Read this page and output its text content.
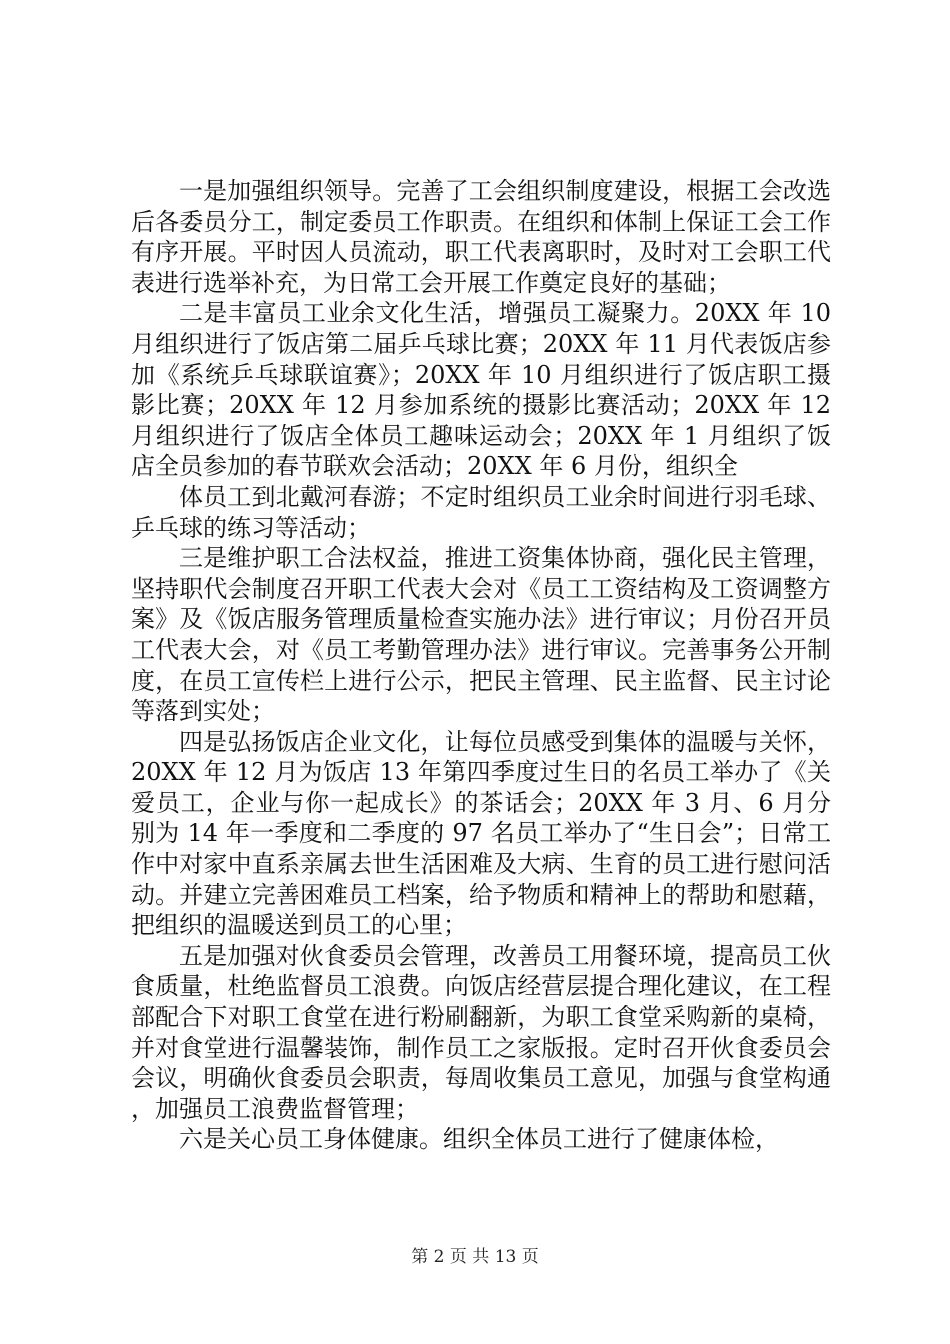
一是加强组织领导。完善了工会组织制度建设，根据工会改选后各委员分工，制定委员工作职责。在组织和体制上保证工会工作有序开展。平时因人员流动，职工代表离职时，及时对工会职工代表进行选举补充，为日常工会开展工作奠定良好的基础；

二是丰富员工业余文化生活，增强员工凝聚力。20XX 年 10 月组织进行了饭店第二届乒乓球比赛；20XX 年 11 月代表饭店参加《系统乒乓球联谊赛》；20XX 年 10 月组织进行了饭店职工摄影比赛；20XX 年 12 月参加系统的摄影比赛活动；20XX 年 12 月组织进行了饭店全体员工趣味运动会；20XX 年 1 月组织了饭店全员参加的春节联欢会活动；20XX 年 6 月份，组织全

体员工到北戴河春游；不定时组织员工业余时间进行羽毛球、乒乓球的练习等活动；

三是维护职工合法权益，推进工资集体协商，强化民主管理，坚持职代会制度召开职工代表大会对《员工工资结构及工资调整方案》及《饭店服务管理质量检查实施办法》进行审议；月份召开员工代表大会，对《员工考勤管理办法》进行审议。完善事务公开制度，在员工宣传栏上进行公示，把民主管理、民主监督、民主讨论等落到实处；

四是弘扬饭店企业文化，让每位员感受到集体的温暖与关怀，20XX 年 12 月为饭店 13 年第四季度过生日的名员工举办了《关爱员工，企业与你一起成长》的茶话会；20XX 年 3 月、6 月分别为 14 年一季度和二季度的 97 名员工举办了“生日会”；日常工作中对家中直系亲属去世生活困难及大病、生育的员工进行慰问活动。并建立完善困难员工档案，给予物质和精神上的帮助和慰藉，把组织的温暖送到员工的心里；

五是加强对伙食委员会管理，改善员工用餐环境，提高员工伙食质量，杜绝监督员工浪费。向饭店经营层提合理化建议，在工程部配合下对职工食堂在进行粉刷翻新，为职工食堂采购新的桌椅，并对食堂进行温馨装饰，制作员工之家版报。定时召开伙食委员会会议，明确伙食委员会职责，每周收集员工意见，加强与食堂构通，加强员工浪费监督管理；

六是关心员工身体健康。组织全体员工进行了健康体检，

第 2 页 共 13 页
